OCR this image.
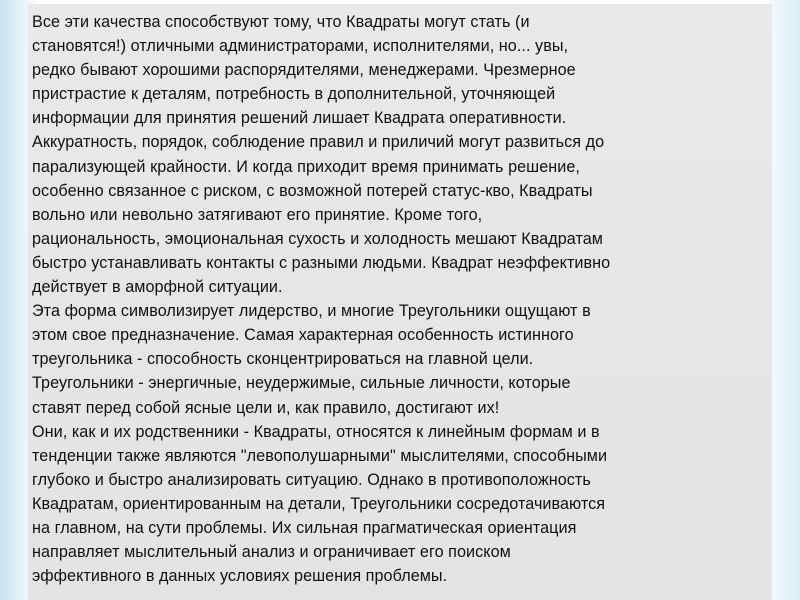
Все эти качества способствуют тому, что Квадраты могут стать (и
становятся!) отличными администраторами, исполнителями, но... увы,
редко бывают хорошими распорядителями, менеджерами. Чрезмерное
пристрастие к деталям, потребность в дополнительной, уточняющей
информации для принятия решений лишает Квадрата оперативности.
Аккуратность, порядок, соблюдение правил и приличий могут развиться до
парализующей крайности. И когда приходит время принимать решение,
особенно связанное с риском, с возможной потерей статус-кво, Квадраты
вольно или невольно затягивают его принятие. Кроме того,
рациональность, эмоциональная сухость и холодность мешают Квадратам
быстро устанавливать контакты с разными людьми. Квадрат неэффективно
действует в аморфной ситуации.
Эта форма символизирует лидерство, и многие Треугольники ощущают в
этом свое предназначение. Самая характерная особенность истинного
треугольника - способность сконцентрироваться на главной цели.
Треугольники - энергичные, неудержимые, сильные личности, которые
ставят перед собой ясные цели и, как правило, достигают их!
Они, как и их родственники - Квадраты, относятся к линейным формам и в
тенденции также являются "левополушарными" мыслителями, способными
глубоко и быстро анализировать ситуацию. Однако в противоположность
Квадратам, ориентированным на детали, Треугольники сосредотачиваются
на главном, на сути проблемы. Их сильная прагматическая ориентация
направляет мыслительный анализ и ограничивает его поиском
эффективного в данных условиях решения проблемы.
